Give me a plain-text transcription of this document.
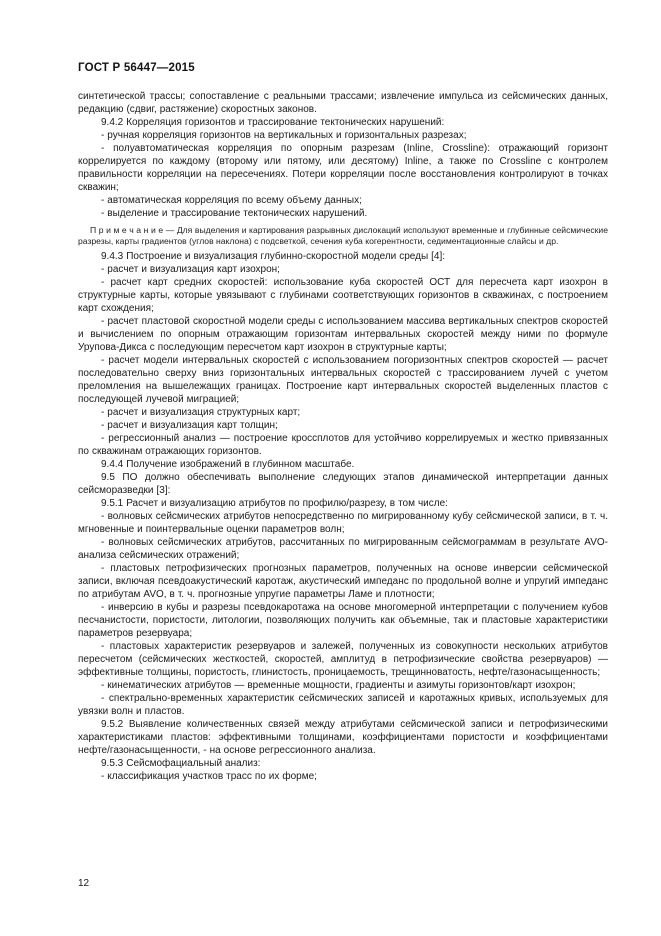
ГОСТ Р 56447—2015

синтетической трассы; сопоставление с реальными трассами; извлечение импульса из сейсмических данных, редакцию (сдвиг, растяжение) скоростных законов.

9.4.2 Корреляция горизонтов и трассирование тектонических нарушений:

- ручная корреляция горизонтов на вертикальных и горизонтальных разрезах;

- полуавтоматическая корреляция по опорным разрезам (Inline, Crossline): отражающий горизонт коррелируется по каждому (второму или пятому, или десятому) Inline, а также по Crossline с контролем правильности корреляции на пересечениях. Потери корреляции после восстановления контролируют в точках скважин;

- автоматическая корреляция по всему объему данных;

- выделение и трассирование тектонических нарушений.

П р и м е ч а н и е — Для выделения и картирования разрывных дислокаций используют временные и глубинные сейсмические разрезы, карты градиентов (углов наклона) с подсветкой, сечения куба когерентности, седиментационные слайсы и др.

9.4.3 Построение и визуализация глубинно-скоростной модели среды [4]:

- расчет и визуализация карт изохрон;

- расчет карт средних скоростей: использование куба скоростей ОСТ для пересчета карт изохрон в структурные карты, которые увязывают с глубинами соответствующих горизонтов в скважинах, с построением карт схождения;

- расчет пластовой скоростной модели среды с использованием массива вертикальных спектров скоростей и вычислением по опорным отражающим горизонтам интервальных скоростей между ними по формуле Урупова-Дикса с последующим пересчетом карт изохрон в структурные карты;

- расчет модели интервальных скоростей с использованием погоризонтных спектров скоростей — расчет последовательно сверху вниз горизонтальных интервальных скоростей с трассированием лучей с учетом преломления на вышележащих границах. Построение карт интервальных скоростей выделенных пластов с последующей лучевой миграцией;

- расчет и визуализация структурных карт;

- расчет и визуализация карт толщин;

- регрессионный анализ — построение кроссплотов для устойчиво коррелируемых и жестко привязанных по скважинам отражающих горизонтов.

9.4.4 Получение изображений в глубинном масштабе.

9.5 ПО должно обеспечивать выполнение следующих этапов динамической интерпретации данных сейсморазведки [3]:

9.5.1 Расчет и визуализацию атрибутов по профилю/разрезу, в том числе:

- волновых сейсмических атрибутов непосредственно по мигрированному кубу сейсмической записи, в т. ч. мгновенные и поинтервальные оценки параметров волн;

- волновых сейсмических атрибутов, рассчитанных по мигрированным сейсмограммам в результате AVO-анализа сейсмических отражений;

- пластовых петрофизических прогнозных параметров, полученных на основе инверсии сейсмической записи, включая псевдоакустический каротаж, акустический импеданс по продольной волне и упругий импеданс по атрибутам AVO, в т. ч. прогнозные упругие параметры Ламе и плотности;

- инверсию в кубы и разрезы псевдокаротажа на основе многомерной интерпретации с получением кубов песчанистости, пористости, литологии, позволяющих получить как объемные, так и пластовые характеристики параметров резервуара;

- пластовых характеристик резервуаров и залежей, полученных из совокупности нескольких атрибутов пересчетом (сейсмических жесткостей, скоростей, амплитуд в петрофизические свойства резервуаров) — эффективные толщины, пористость, глинистость, проницаемость, трещинноватость, нефте/газонасыщенность;

- кинематических атрибутов — временные мощности, градиенты и азимуты горизонтов/карт изохрон;

- спектрально-временных характеристик сейсмических записей и каротажных кривых, используемых для увязки волн и пластов.

9.5.2 Выявление количественных связей между атрибутами сейсмической записи и петрофизическими характеристиками пластов: эффективными толщинами, коэффициентами пористости и коэффициентами нефте/газонасыщенности, - на основе регрессионного анализа.

9.5.3 Сейсмофациальный анализ:

- классификация участков трасс по их форме;

12
